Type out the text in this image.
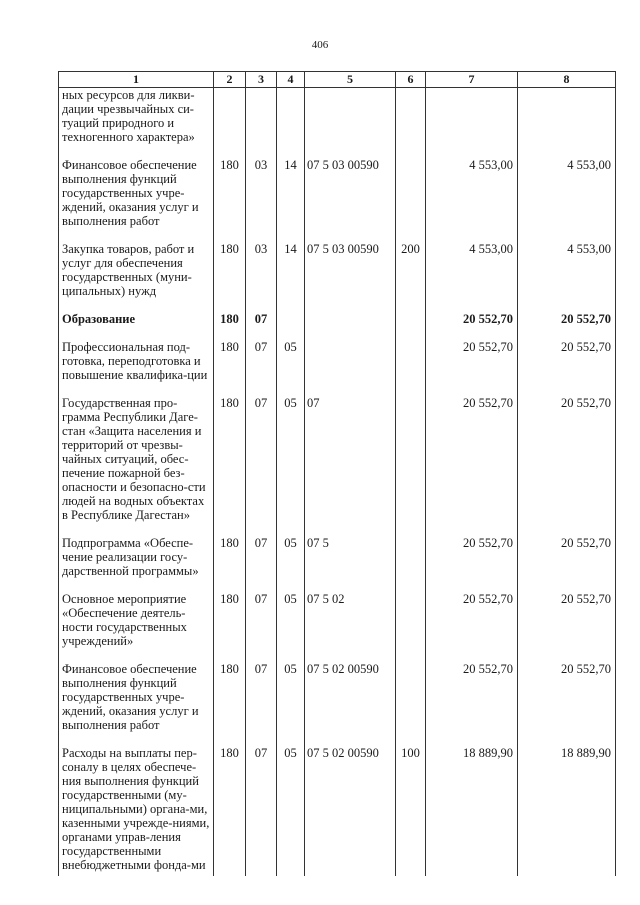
406
1	2	3	4	5	6	7	8
ных ресурсов для ликви-дации чрезвычайных си-туаций природного и техногенного характера»							
Финансовое обеспечение выполнения функций государственных учре-ждений, оказания услуг и выполнения работ	180	03	14	07 5 03 00590		4 553,00	4 553,00
Закупка товаров, работ и услуг для обеспечения государственных (муни-ципальных) нужд	180	03	14	07 5 03 00590	200	4 553,00	4 553,00
Образование	180	07				20 552,70	20 552,70
Профессиональная под-готовка, переподготовка и повышение квалифика-ции	180	07	05			20 552,70	20 552,70
Государственная про-грамма Республики Даге-стан «Защита населения и территорий от чрезвы-чайных ситуаций, обес-печение пожарной без-опасности и безопасно-сти людей на водных объектах в Республике Дагестан»	180	07	05	07		20 552,70	20 552,70
Подпрограмма «Обеспе-чение реализации госу-дарственной программы»	180	07	05	07 5		20 552,70	20 552,70
Основное мероприятие «Обеспечение деятель-ности государственных учреждений»	180	07	05	07 5 02		20 552,70	20 552,70
Финансовое обеспечение выполнения функций государственных учре-ждений, оказания услуг и выполнения работ	180	07	05	07 5 02 00590		20 552,70	20 552,70
Расходы на выплаты пер-соналу в целях обеспече-ния выполнения функций государственными (му-ниципальными) органа-ми, казенными учрежде-ниями, органами управ-ления государственными внебюджетными фонда-ми	180	07	05	07 5 02 00590	100	18 889,90	18 889,90
